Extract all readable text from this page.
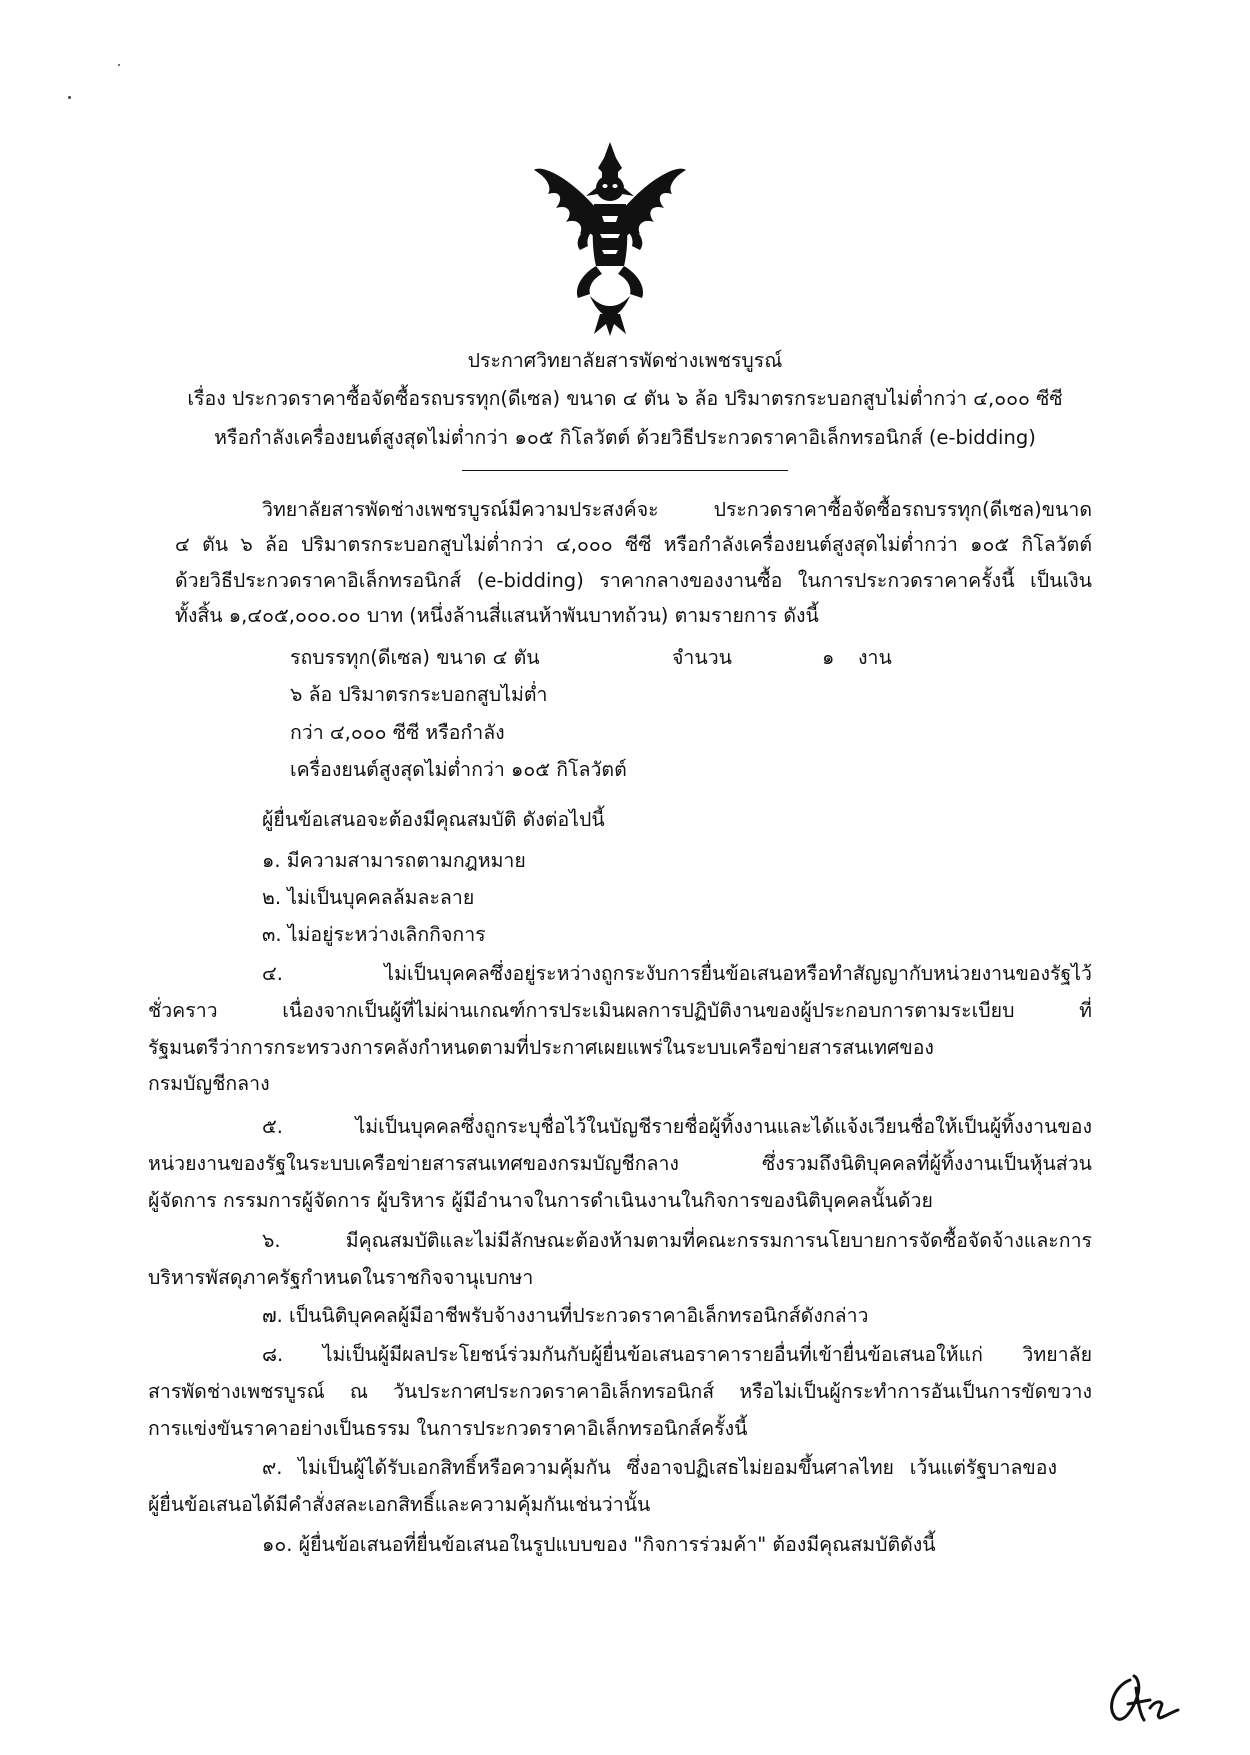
ประกาศวิทยาลัยสารพัดช่างเพชรบูรณ์
เรื่อง ประกวดราคาซื้อจัดซื้อรถบรรทุก(ดีเซล) ขนาด ๔ ตัน ๖ ล้อ ปริมาตรกระบอกสูบไม่ต่ำกว่า ๔,๐๐๐ ซีซี
หรือกำลังเครื่องยนต์สูงสุดไม่ต่ำกว่า ๑๐๕ กิโลวัตต์ ด้วยวิธีประกวดราคาอิเล็กทรอนิกส์ (e-bidding)
วิทยาลัยสารพัดช่างเพชรบูรณ์มีความประสงค์จะ ประกวดราคาซื้อจัดซื้อรถบรรทุก(ดีเซล)ขนาด
๔ ตัน ๖ ล้อ ปริมาตรกระบอกสูบไม่ต่ำกว่า ๔,๐๐๐ ซีซี หรือกำลังเครื่องยนต์สูงสุดไม่ต่ำกว่า ๑๐๕ กิโลวัตต์
ด้วยวิธีประกวดราคาอิเล็กทรอนิกส์ (e-bidding) ราคากลางของงานซื้อ ในการประกวดราคาครั้งนี้ เป็นเงิน
ทั้งสิ้น ๑,๔๐๕,๐๐๐.๐๐ บาท (หนึ่งล้านสี่แสนห้าพันบาทถ้วน) ตามรายการ ดังนี้
รถบรรทุก(ดีเซล) ขนาด ๔ ตัน	จำนวน	๑ งาน
๖ ล้อ ปริมาตรกระบอกสูบไม่ต่ำ
กว่า ๔,๐๐๐ ซีซี หรือกำลัง
เครื่องยนต์สูงสุดไม่ต่ำกว่า ๑๐๕ กิโลวัตต์
ผู้ยื่นข้อเสนอจะต้องมีคุณสมบัติ ดังต่อไปนี้
๑. มีความสามารถตามกฎหมาย
๒. ไม่เป็นบุคคลล้มละลาย
๓. ไม่อยู่ระหว่างเลิกกิจการ
๔. ไม่เป็นบุคคลซึ่งอยู่ระหว่างถูกระงับการยื่นข้อเสนอหรือทำสัญญากับหน่วยงานของรัฐไว้
ชั่วคราว เนื่องจากเป็นผู้ที่ไม่ผ่านเกณฑ์การประเมินผลการปฏิบัติงานของผู้ประกอบการตามระเบียบ ที่
รัฐมนตรีว่าการกระทรวงการคลังกำหนดตามที่ประกาศเผยแพร่ในระบบเครือข่ายสารสนเทศของ
กรมบัญชีกลาง
๕. ไม่เป็นบุคคลซึ่งถูกระบุชื่อไว้ในบัญชีรายชื่อผู้ทิ้งงานและได้แจ้งเวียนชื่อให้เป็นผู้ทิ้งงานของ
หน่วยงานของรัฐในระบบเครือข่ายสารสนเทศของกรมบัญชีกลาง ซึ่งรวมถึงนิติบุคคลที่ผู้ทิ้งงานเป็นหุ้นส่วน
ผู้จัดการ กรรมการผู้จัดการ ผู้บริหาร ผู้มีอำนาจในการดำเนินงานในกิจการของนิติบุคคลนั้นด้วย
๖. มีคุณสมบัติและไม่มีลักษณะต้องห้ามตามที่คณะกรรมการนโยบายการจัดซื้อจัดจ้างและการ
บริหารพัสดุภาครัฐกำหนดในราชกิจจานุเบกษา
๗. เป็นนิติบุคคลผู้มีอาชีพรับจ้างงานที่ประกวดราคาอิเล็กทรอนิกส์ดังกล่าว
๘. ไม่เป็นผู้มีผลประโยชน์ร่วมกันกับผู้ยื่นข้อเสนอราคารายอื่นที่เข้ายื่นข้อเสนอให้แก่ วิทยาลัย
สารพัดช่างเพชรบูรณ์ ณ วันประกาศประกวดราคาอิเล็กทรอนิกส์ หรือไม่เป็นผู้กระทำการอันเป็นการขัดขวาง
การแข่งขันราคาอย่างเป็นธรรม ในการประกวดราคาอิเล็กทรอนิกส์ครั้งนี้
๙. ไม่เป็นผู้ได้รับเอกสิทธิ์หรือความคุ้มกัน ซึ่งอาจปฏิเสธไม่ยอมขึ้นศาลไทย เว้นแต่รัฐบาลของ
ผู้ยื่นข้อเสนอได้มีคำสั่งสละเอกสิทธิ์และความคุ้มกันเช่นว่านั้น
๑๐. ผู้ยื่นข้อเสนอที่ยื่นข้อเสนอในรูปแบบของ "กิจการร่วมค้า" ต้องมีคุณสมบัติดังนี้
